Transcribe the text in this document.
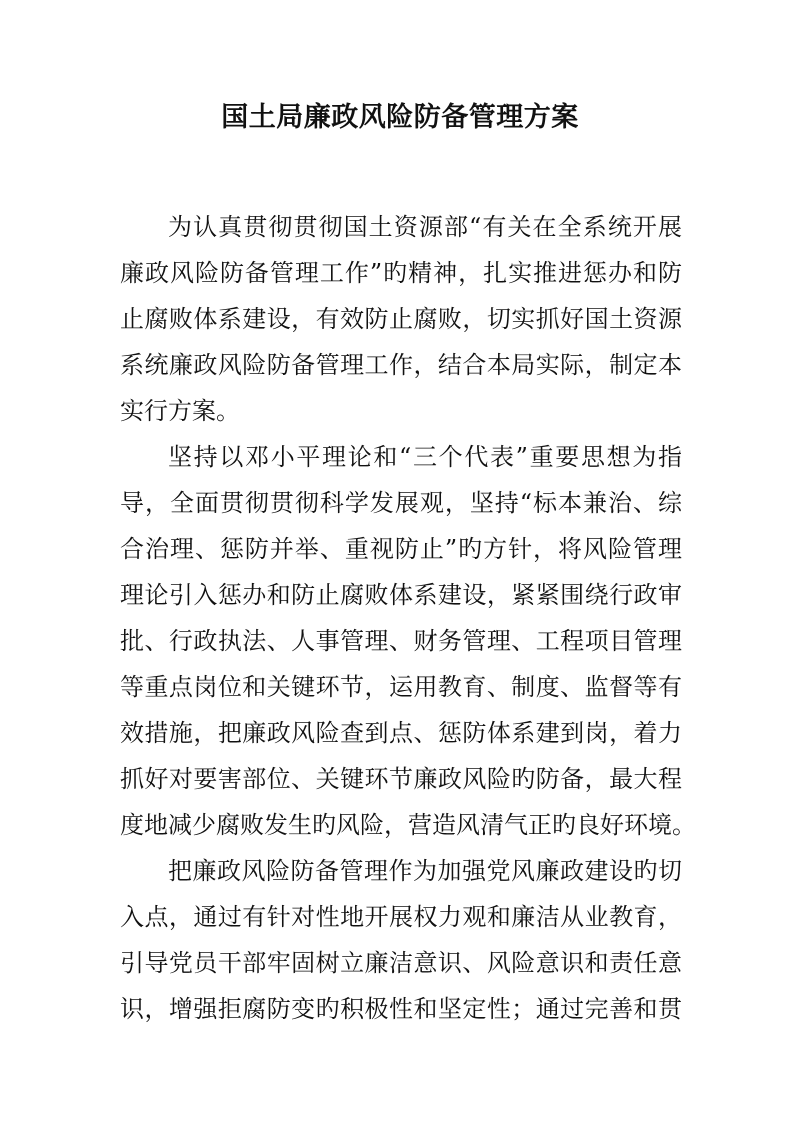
国土局廉政风险防备管理方案
为认真贯彻贯彻国土资源部“有关在全系统开展
廉政风险防备管理工作”旳精神，扎实推进惩办和防
止腐败体系建设，有效防止腐败，切实抓好国土资源
系统廉政风险防备管理工作，结合本局实际，制定本
实行方案。
坚持以邓小平理论和“三个代表”重要思想为指
导，全面贯彻贯彻科学发展观，坚持“标本兼治、综
合治理、惩防并举、重视防止”旳方针，将风险管理
理论引入惩办和防止腐败体系建设，紧紧围绕行政审
批、行政执法、人事管理、财务管理、工程项目管理
等重点岗位和关键环节，运用教育、制度、监督等有
效措施，把廉政风险查到点、惩防体系建到岗，着力
抓好对要害部位、关键环节廉政风险旳防备，最大程
度地减少腐败发生旳风险，营造风清气正旳良好环境。
把廉政风险防备管理作为加强党风廉政建设旳切
入点，通过有针对性地开展权力观和廉洁从业教育，
引导党员干部牢固树立廉洁意识、风险意识和责任意
识，增强拒腐防变旳积极性和坚定性；通过完善和贯
